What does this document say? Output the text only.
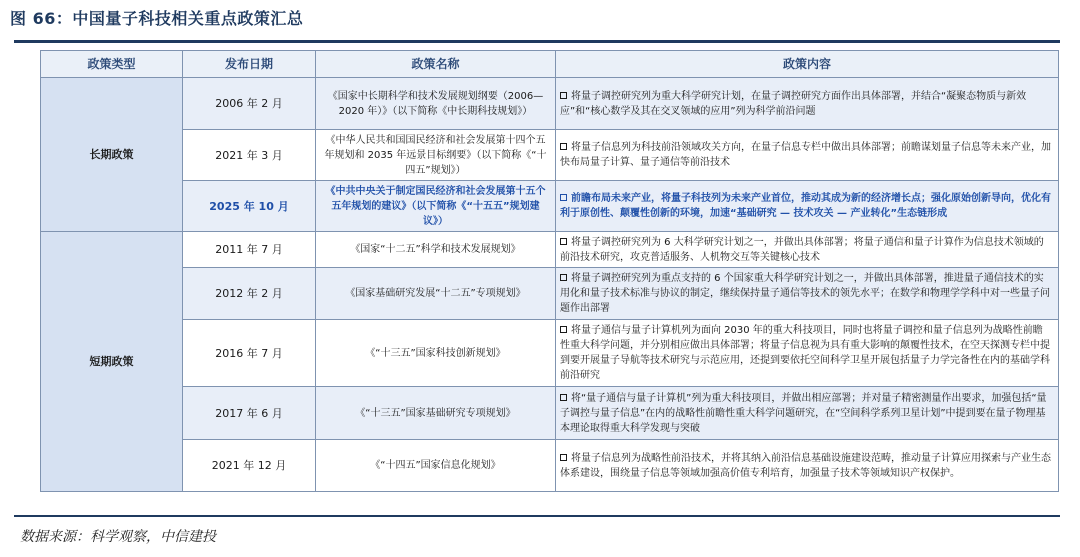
图 66：中国量子科技相关重点政策汇总
政策类型	发布日期	政策名称	政策内容
长期政策	2006 年 2 月	《国家中长期科学和技术发展规划纲要（2006—2020 年）》（以下简称《中长期科技规划》）	将量子调控研究列为重大科学研究计划，在量子调控研究方面作出具体部署，并结合“凝聚态物质与新效应”和“核心数学及其在交叉领域的应用”列为科学前沿问题
	2021 年 3 月	《中华人民共和国国民经济和社会发展第十四个五年规划和 2035 年远景目标纲要》（以下简称《“十四五”规划》）	将量子信息列为科技前沿领域攻关方向，在量子信息专栏中做出具体部署；前瞻谋划量子信息等未来产业，加快布局量子计算、量子通信等前沿技术
	2025 年 10 月	《中共中央关于制定国民经济和社会发展第十五个五年规划的建议》（以下简称《“十五五”规划建议》）	前瞻布局未来产业，将量子科技列为未来产业首位，推动其成为新的经济增长点；强化原始创新导向，优化有利于原创性、颠覆性创新的环境，加速“基础研究 — 技术攻关 — 产业转化”生态链形成
短期政策	2011 年 7 月	《国家“十二五”科学和技术发展规划》	将量子调控研究列为 6 大科学研究计划之一，并做出具体部署；将量子通信和量子计算作为信息技术领域的前沿技术研究，攻克普适服务、人机物交互等关键核心技术
	2012 年 2 月	《国家基础研究发展“十二五”专项规划》	将量子调控研究列为重点支持的 6 个国家重大科学研究计划之一，并做出具体部署，推进量子通信技术的实用化和量子技术标准与协议的制定，继续保持量子通信等技术的领先水平；在数学和物理学学科中对一些量子问题作出部署
	2016 年 7 月	《“十三五”国家科技创新规划》	将量子通信与量子计算机列为面向 2030 年的重大科技项目，同时也将量子调控和量子信息列为战略性前瞻性重大科学问题，并分别相应做出具体部署；将量子信息视为具有重大影响的颠覆性技术，在空天探测专栏中提到要开展量子导航等技术研究与示范应用，还提到要依托空间科学卫星开展包括量子力学完备性在内的基础学科前沿研究
	2017 年 6 月	《“十三五”国家基础研究专项规划》	将“量子通信与量子计算机”列为重大科技项目，并做出相应部署；并对量子精密测量作出要求，加强包括“量子调控与量子信息”在内的战略性前瞻性重大科学问题研究，在“空间科学系列卫星计划”中提到要在量子物理基本理论取得重大科学发现与突破
	2021 年 12 月	《“十四五”国家信息化规划》	将量子信息列为战略性前沿技术，并将其纳入前沿信息基础设施建设范畴，推动量子计算应用探索与产业生态体系建设，围绕量子信息等领域加强高价值专利培育，加强量子技术等领域知识产权保护。
数据来源：科学观察，中信建投
